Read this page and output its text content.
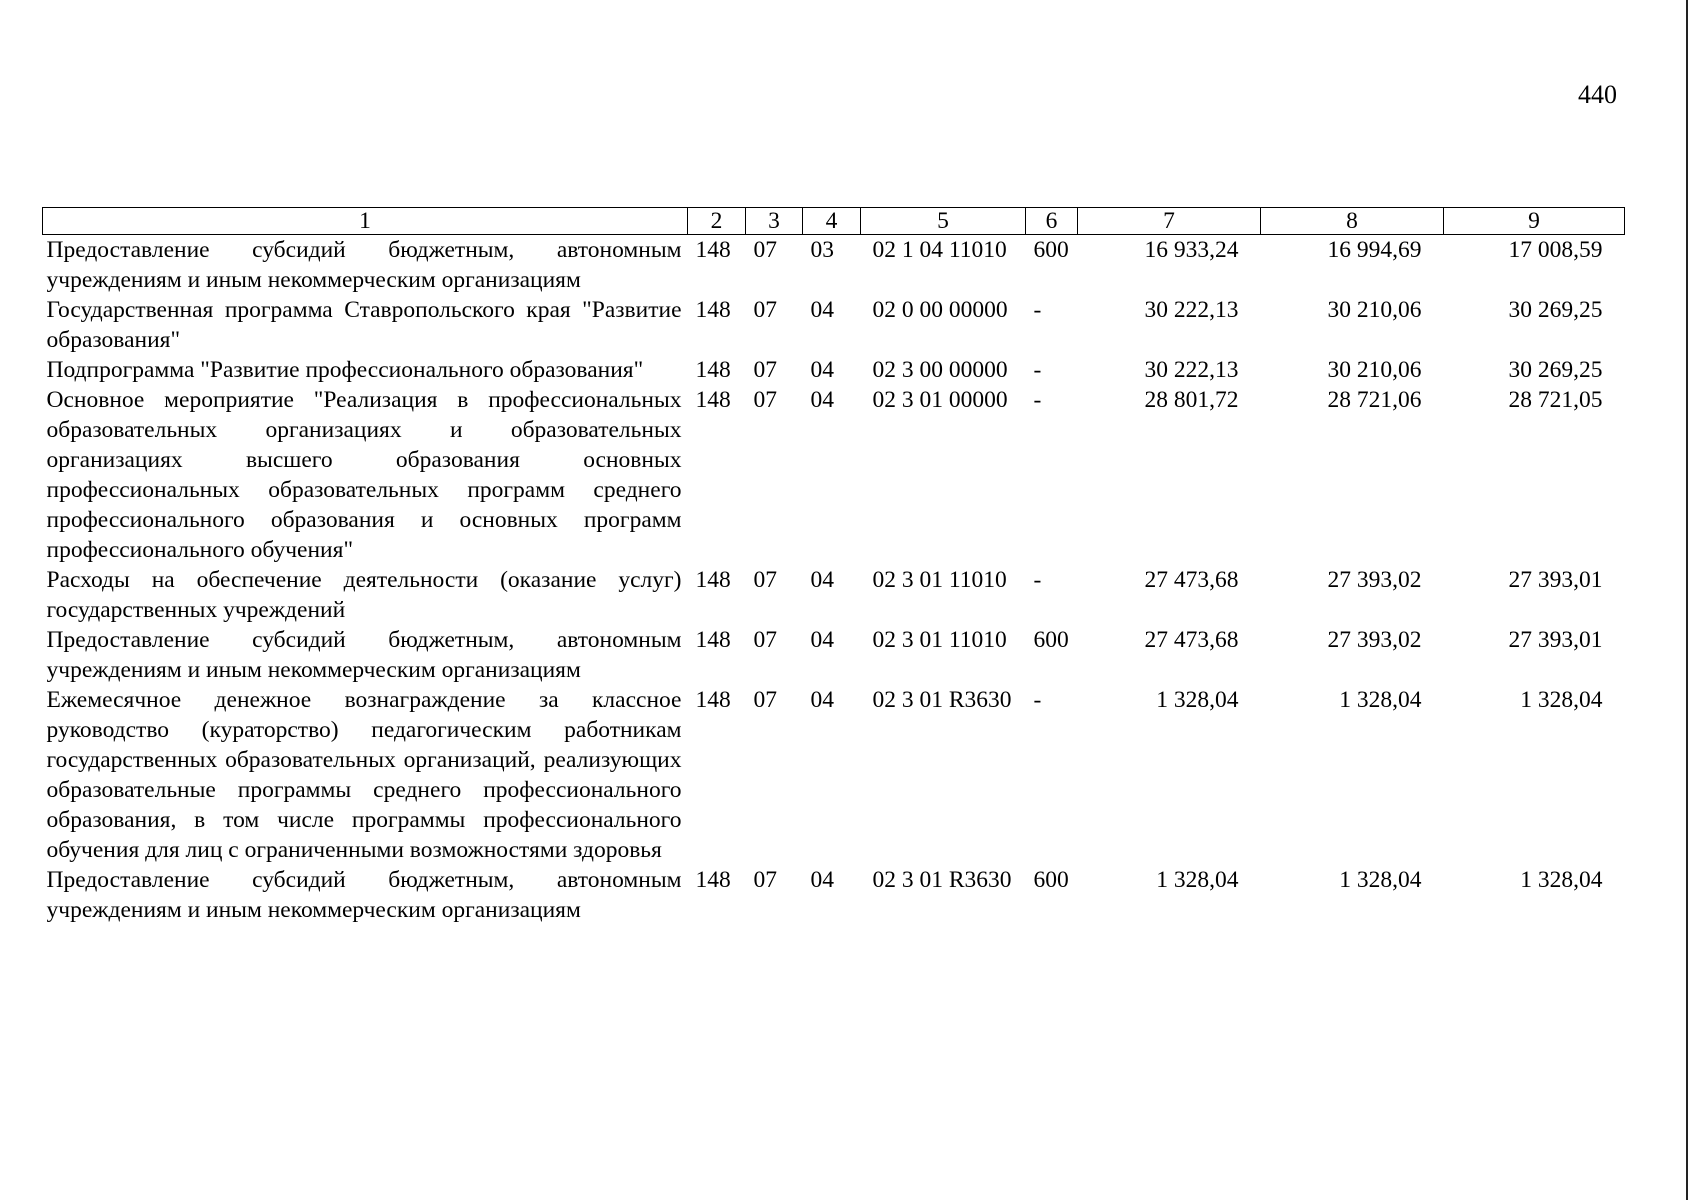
440
1	2	3	4	5	6	7	8	9
Предоставление субсидий бюджетным, автономным учреждениям и иным некоммерческим организациям	148	07	03	02 1 04 11010	600	16 933,24	16 994,69	17 008,59
Государственная программа Ставропольского края "Развитие образования"	148	07	04	02 0 00 00000	-	30 222,13	30 210,06	30 269,25
Подпрограмма "Развитие профессионального образования"	148	07	04	02 3 00 00000	-	30 222,13	30 210,06	30 269,25
Основное мероприятие "Реализация в профессиональных образовательных организациях и образовательных организациях высшего образования основных профессиональных образовательных программ среднего профессионального образования и основных программ профессионального обучения"	148	07	04	02 3 01 00000	-	28 801,72	28 721,06	28 721,05
Расходы на обеспечение деятельности (оказание услуг) государственных учреждений	148	07	04	02 3 01 11010	-	27 473,68	27 393,02	27 393,01
Предоставление субсидий бюджетным, автономным учреждениям и иным некоммерческим организациям	148	07	04	02 3 01 11010	600	27 473,68	27 393,02	27 393,01
Ежемесячное денежное вознаграждение за классное руководство (кураторство) педагогическим работникам государственных образовательных организаций, реализующих образовательные программы среднего профессионального образования, в том числе программы профессионального обучения для лиц с ограниченными возможностями здоровья	148	07	04	02 3 01 R3630	-	1 328,04	1 328,04	1 328,04
Предоставление субсидий бюджетным, автономным учреждениям и иным некоммерческим организациям	148	07	04	02 3 01 R3630	600	1 328,04	1 328,04	1 328,04
